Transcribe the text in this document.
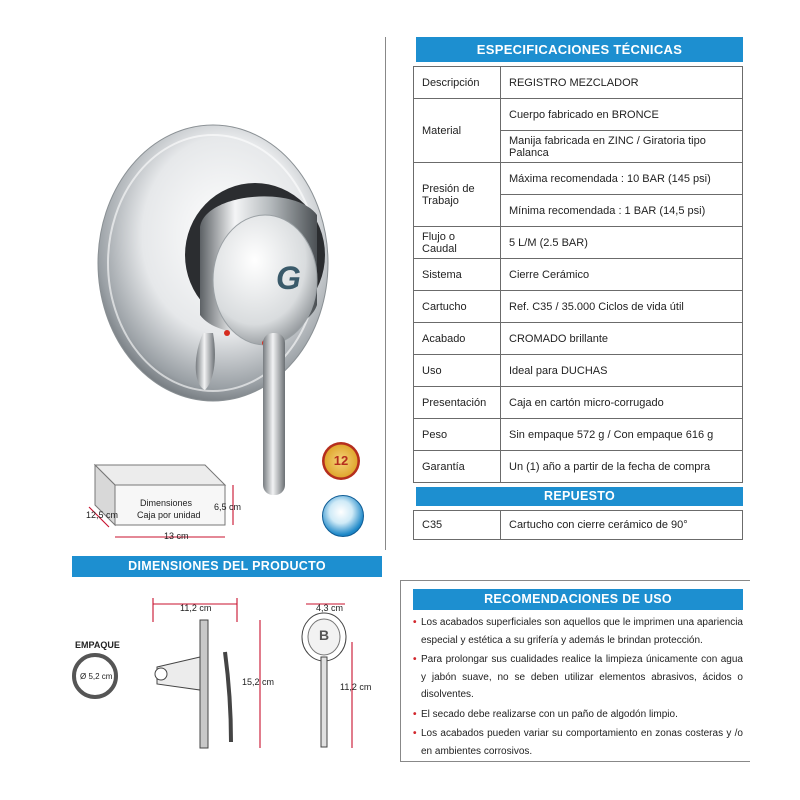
G
12
Dimensiones
Caja por unidad
6,5 cm
12,5 cm
13 cm
DIMENSIONES DEL PRODUCTO
EMPAQUE
Ø 5,2 cm
11,2 cm
15,2 cm
B
4,3 cm
11,2 cm
ESPECIFICACIONES TÉCNICAS
Descripción	REGISTRO MEZCLADOR
Material	Cuerpo fabricado en BRONCE
	Manija fabricada en ZINC / Giratoria tipo Palanca
Presión de Trabajo	Máxima recomendada : 10 BAR (145 psi)
	Mínima recomendada : 1 BAR (14,5 psi)
Flujo o Caudal	5 L/M (2.5 BAR)
Sistema	Cierre Cerámico
Cartucho	Ref. C35 / 35.000 Ciclos de vida útil
Acabado	CROMADO brillante
Uso	Ideal para DUCHAS
Presentación	Caja en cartón micro-corrugado
Peso	Sin empaque 572 g / Con empaque 616 g
Garantía	Un (1) año a partir de la fecha de compra
REPUESTO
C35	Cartucho con cierre cerámico de 90°
RECOMENDACIONES DE USO
• Los acabados superficiales son aquellos que le imprimen una apariencia especial y estética a su grifería y además le brindan protección.
• Para prolongar sus cualidades realice la limpieza únicamente con agua y jabón suave, no se deben utilizar elementos abrasivos, ácidos o disolventes.
• El secado debe realizarse con un paño de algodón limpio.
• Los acabados pueden variar su comportamiento en zonas costeras y /o en ambientes corrosivos.
